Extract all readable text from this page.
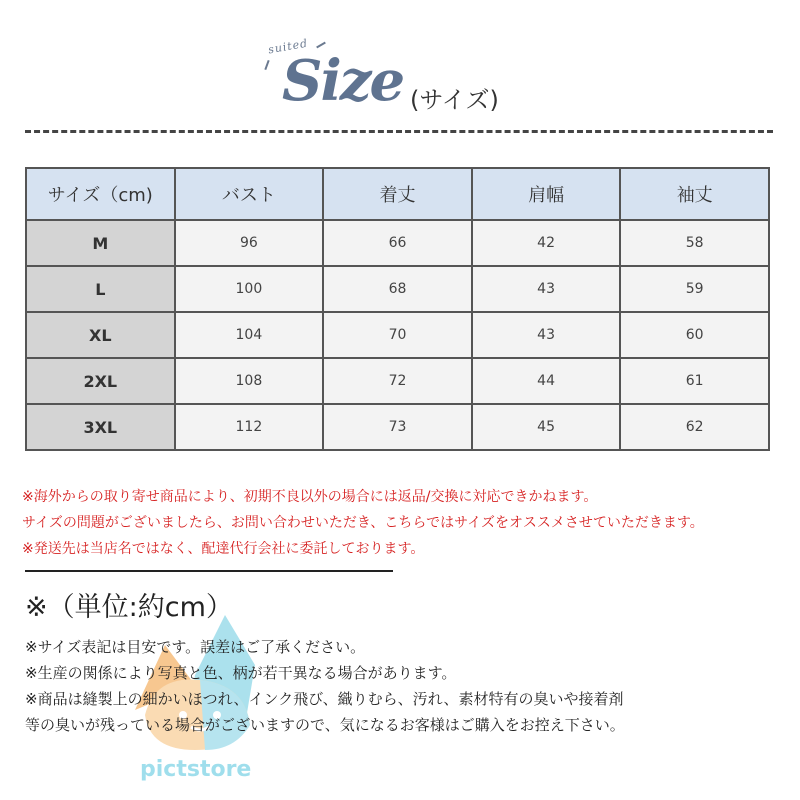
suited
Size (サイズ)
サイズ（cm)	バスト	着丈	肩幅	袖丈
M	96	66	42	58
L	100	68	43	59
XL	104	70	43	60
2XL	108	72	44	61
3XL	112	73	45	62
※海外からの取り寄せ商品により、初期不良以外の場合には返品/交換に対応できかねます。
サイズの問題がございましたら、お問い合わせいただき、こちらではサイズをオススメさせていただきます。
※発送先は当店名ではなく、配達代行会社に委託しております。
※（単位:約cm）
pictstore
※サイズ表記は目安です。誤差はご了承ください。
※生産の関係により写真と色、柄が若干異なる場合があります。
※商品は縫製上の細かいほつれ、インク飛び、織りむら、汚れ、素材特有の臭いや接着剤
等の臭いが残っている場合がございますので、気になるお客様はご購入をお控え下さい。
